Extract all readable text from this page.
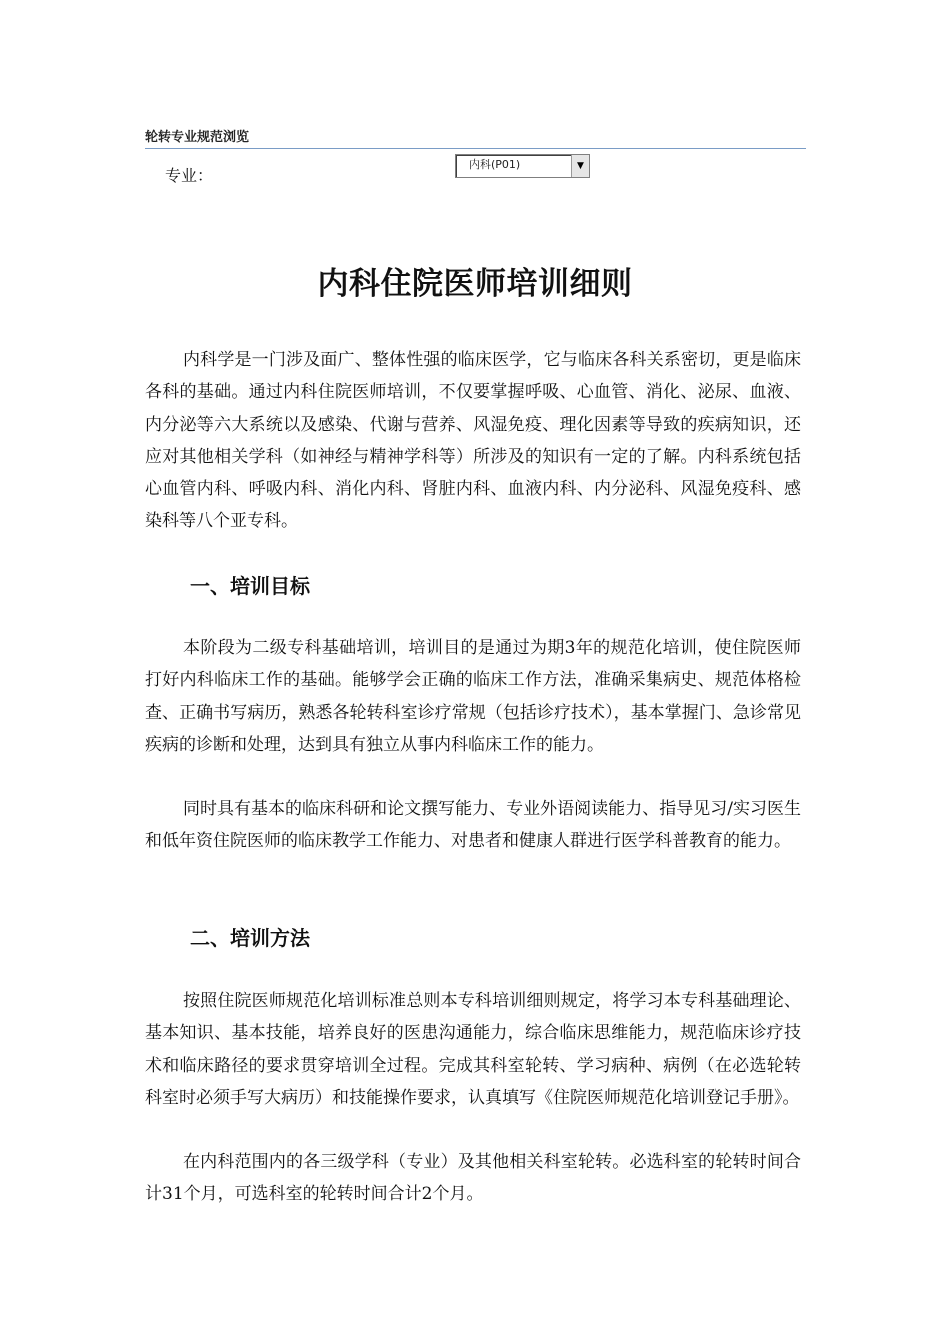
轮转专业规范浏览
专业：
内科(P01)	▼
内科住院医师培训细则

内科学是一门涉及面广、整体性强的临床医学，它与临床各科关系密切，更是临床各科的基础。通过内科住院医师培训，不仅要掌握呼吸、心血管、消化、泌尿、血液、内分泌等六大系统以及感染、代谢与营养、风湿免疫、理化因素等导致的疾病知识，还应对其他相关学科（如神经与精神学科等）所涉及的知识有一定的了解。内科系统包括心血管内科、呼吸内科、消化内科、肾脏内科、血液内科、内分泌科、风湿免疫科、感染科等八个亚专科。

一、培训目标

本阶段为二级专科基础培训，培训目的是通过为期3年的规范化培训，使住院医师打好内科临床工作的基础。能够学会正确的临床工作方法，准确采集病史、规范体格检查、正确书写病历，熟悉各轮转科室诊疗常规（包括诊疗技术），基本掌握门、急诊常见疾病的诊断和处理，达到具有独立从事内科临床工作的能力。

同时具有基本的临床科研和论文撰写能力、专业外语阅读能力、指导见习/实习医生和低年资住院医师的临床教学工作能力、对患者和健康人群进行医学科普教育的能力。

二、培训方法

按照住院医师规范化培训标准总则本专科培训细则规定，将学习本专科基础理论、基本知识、基本技能，培养良好的医患沟通能力，综合临床思维能力，规范临床诊疗技术和临床路径的要求贯穿培训全过程。完成其科室轮转、学习病种、病例（在必选轮转科室时必须手写大病历）和技能操作要求，认真填写《住院医师规范化培训登记手册》。

在内科范围内的各三级学科（专业）及其他相关科室轮转。必选科室的轮转时间合计31个月，可选科室的轮转时间合计2个月。
